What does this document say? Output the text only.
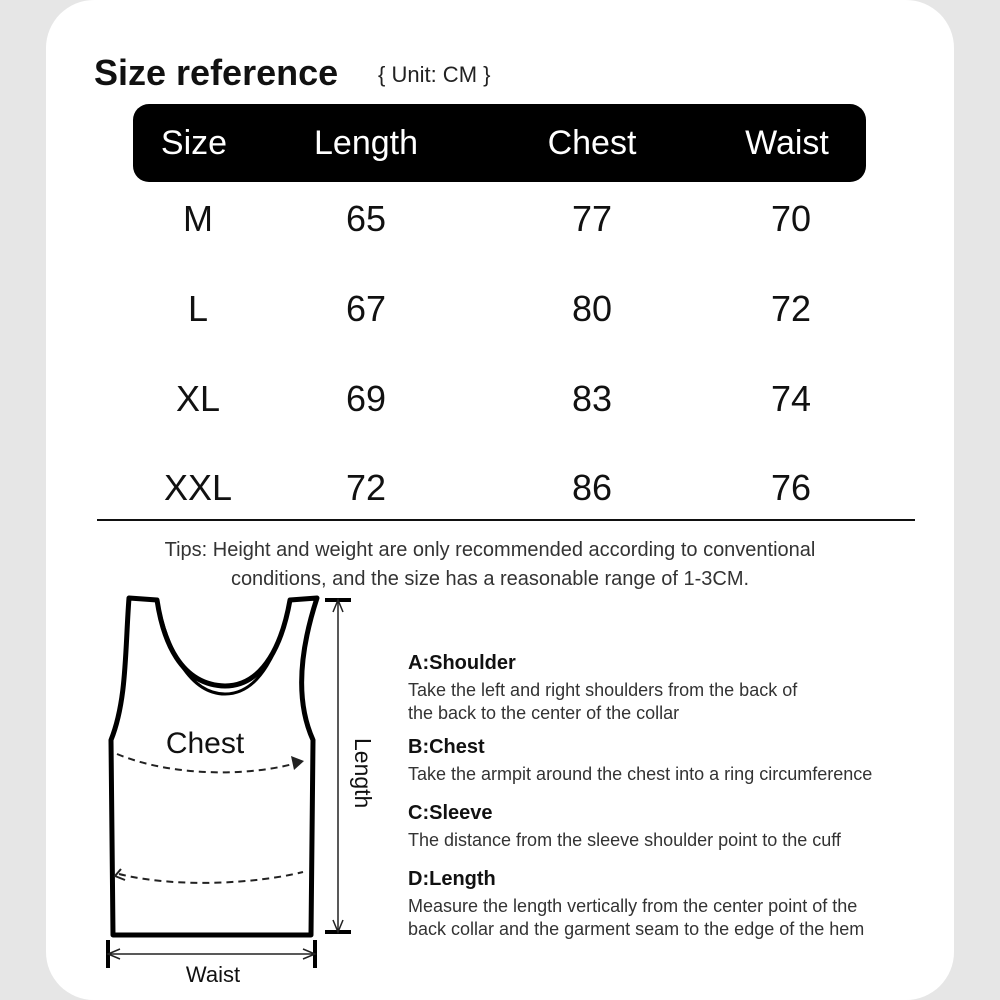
Size reference { Unit: CM }
Size	Length	Chest	Waist
M	65	77	70
L	67	80	72
XL	69	83	74
XXL	72	86	76
Tips: Height and weight are only recommended according to conventional
conditions, and the size has a reasonable range of 1-3CM.
Chest	Length
Waist
A:Shoulder
Take the left and right shoulders from the back of
the back to the center of the collar
B:Chest
Take the armpit around the chest into a ring circumference
C:Sleeve
The distance from the sleeve shoulder point to the cuff
D:Length
Measure the length vertically from the center point of the
back collar and the garment seam to the edge of the hem
